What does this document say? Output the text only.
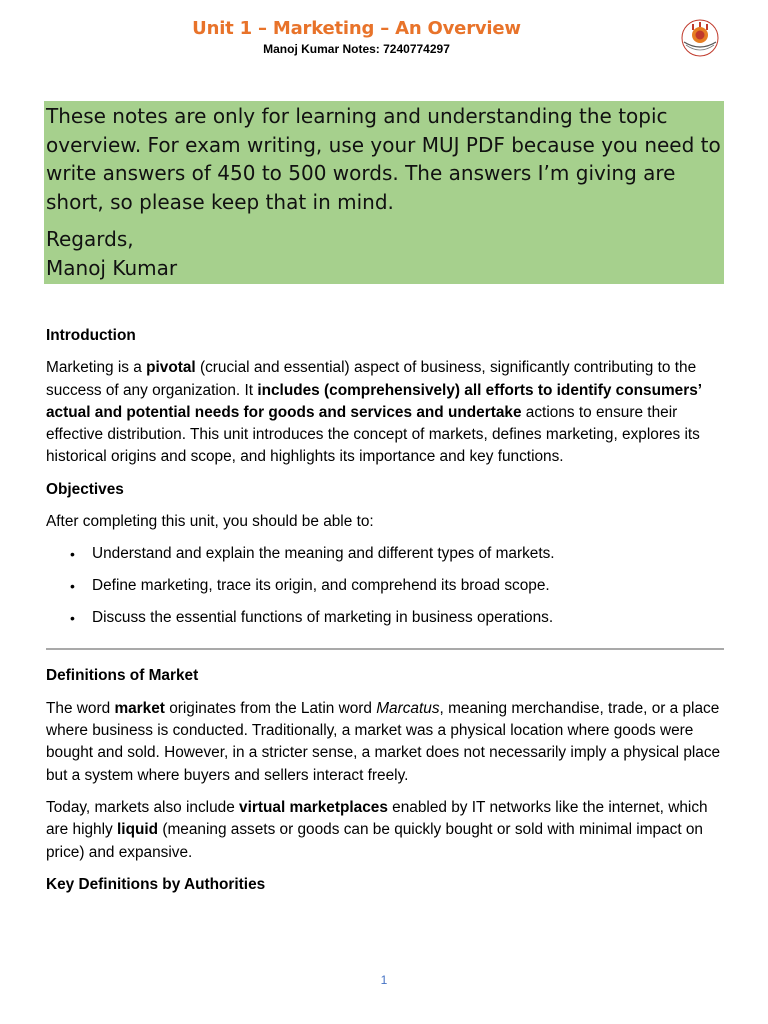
Unit 1 – Marketing – An Overview
Manoj Kumar Notes: 7240774297

These notes are only for learning and understanding the topic overview. For exam writing, use your MUJ PDF because you need to write answers of 450 to 500 words. The answers I’m giving are short, so please keep that in mind.

Regards,

Manoj Kumar

Introduction

Marketing is a pivotal (crucial and essential) aspect of business, significantly contributing to the success of any organization. It includes (comprehensively) all efforts to identify consumers’ actual and potential needs for goods and services and undertake actions to ensure their effective distribution. This unit introduces the concept of markets, defines marketing, explores its historical origins and scope, and highlights its importance and key functions.

Objectives

After completing this unit, you should be able to:

• Understand and explain the meaning and different types of markets.
• Define marketing, trace its origin, and comprehend its broad scope.
• Discuss the essential functions of marketing in business operations.
Definitions of Market

The word market originates from the Latin word Marcatus, meaning merchandise, trade, or a place where business is conducted. Traditionally, a market was a physical location where goods were bought and sold. However, in a stricter sense, a market does not necessarily imply a physical place but a system where buyers and sellers interact freely.

Today, markets also include virtual marketplaces enabled by IT networks like the internet, which are highly liquid (meaning assets or goods can be quickly bought or sold with minimal impact on price) and expansive.

Key Definitions by Authorities
1
